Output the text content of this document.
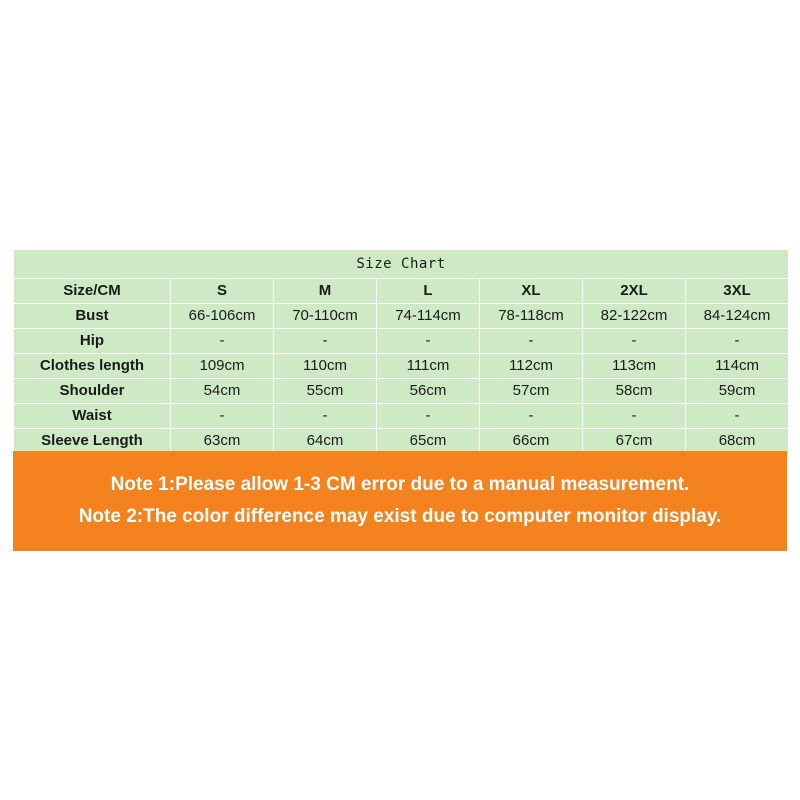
Size Chart						
Size/CM	S	M	L	XL	2XL	3XL
Bust	66-106cm	70-110cm	74-114cm	78-118cm	82-122cm	84-124cm
Hip	-	-	-	-	-	-
Clothes length	109cm	110cm	111cm	112cm	113cm	114cm
Shoulder	54cm	55cm	56cm	57cm	58cm	59cm
Waist	-	-	-	-	-	-
Sleeve Length	63cm	64cm	65cm	66cm	67cm	68cm
Note 1:Please allow 1-3 CM error due to a manual measurement.
Note 2:The color difference may exist due to computer monitor display.
